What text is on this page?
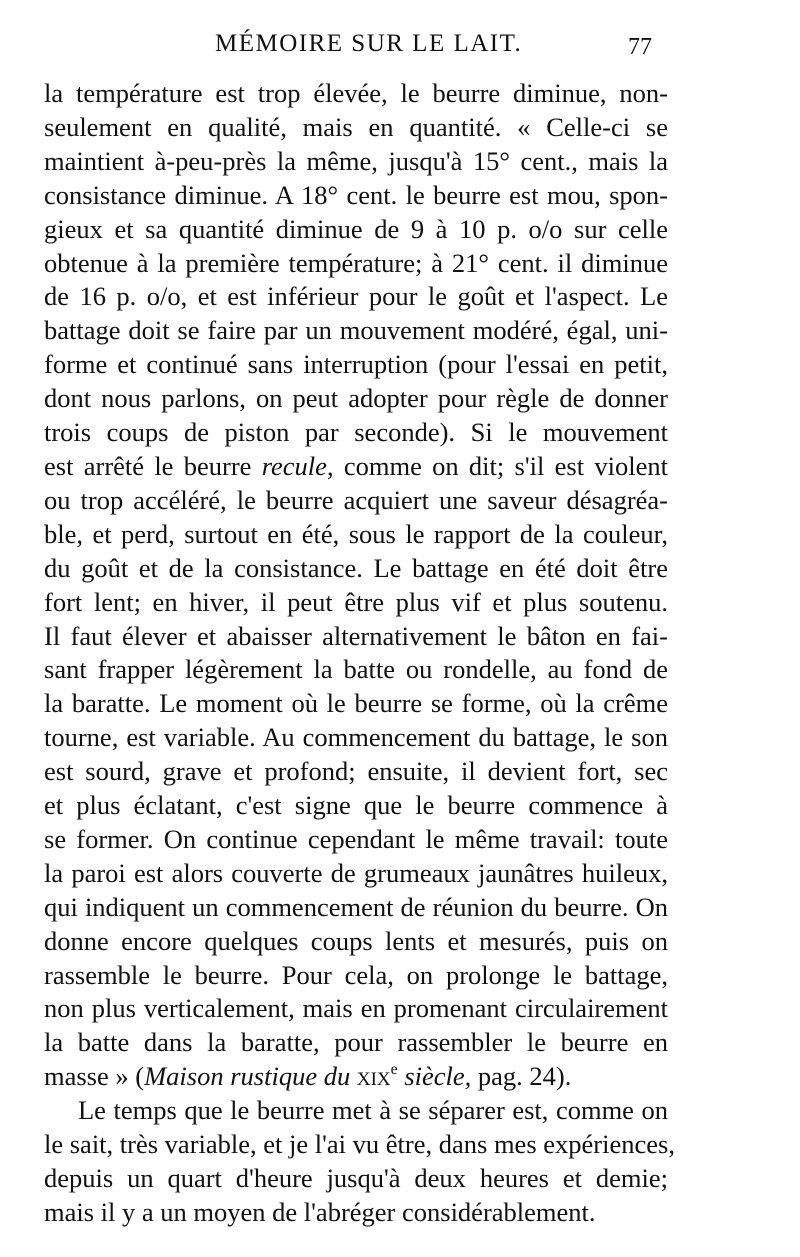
MÉMOIRE SUR LE LAIT.	77
la température est trop élevée, le beurre diminue, non-
seulement en qualité, mais en quantité. « Celle-ci se
maintient à-peu-près la même, jusqu'à 15° cent., mais la
consistance diminue. A 18° cent. le beurre est mou, spon-
gieux et sa quantité diminue de 9 à 10 p. o/o sur celle
obtenue à la première température; à 21° cent. il diminue
de 16 p. o/o, et est inférieur pour le goût et l'aspect. Le
battage doit se faire par un mouvement modéré, égal, uni-
forme et continué sans interruption (pour l'essai en petit,
dont nous parlons, on peut adopter pour règle de donner
trois coups de piston par seconde). Si le mouvement
est arrêté le beurre recule, comme on dit; s'il est violent
ou trop accéléré, le beurre acquiert une saveur désagréa-
ble, et perd, surtout en été, sous le rapport de la couleur,
du goût et de la consistance. Le battage en été doit être
fort lent; en hiver, il peut être plus vif et plus soutenu.
Il faut élever et abaisser alternativement le bâton en fai-
sant frapper légèrement la batte ou rondelle, au fond de
la baratte. Le moment où le beurre se forme, où la crême
tourne, est variable. Au commencement du battage, le son
est sourd, grave et profond; ensuite, il devient fort, sec
et plus éclatant, c'est signe que le beurre commence à
se former. On continue cependant le même travail: toute
la paroi est alors couverte de grumeaux jaunâtres huileux,
qui indiquent un commencement de réunion du beurre. On
donne encore quelques coups lents et mesurés, puis on
rassemble le beurre. Pour cela, on prolonge le battage,
non plus verticalement, mais en promenant circulairement
la batte dans la baratte, pour rassembler le beurre en
masse » (Maison rustique du xix$^e$ siècle, pag. 24).
Le temps que le beurre met à se séparer est, comme on
le sait, très variable, et je l'ai vu être, dans mes expériences,
depuis un quart d'heure jusqu'à deux heures et demie;
mais il y a un moyen de l'abréger considérablement.
